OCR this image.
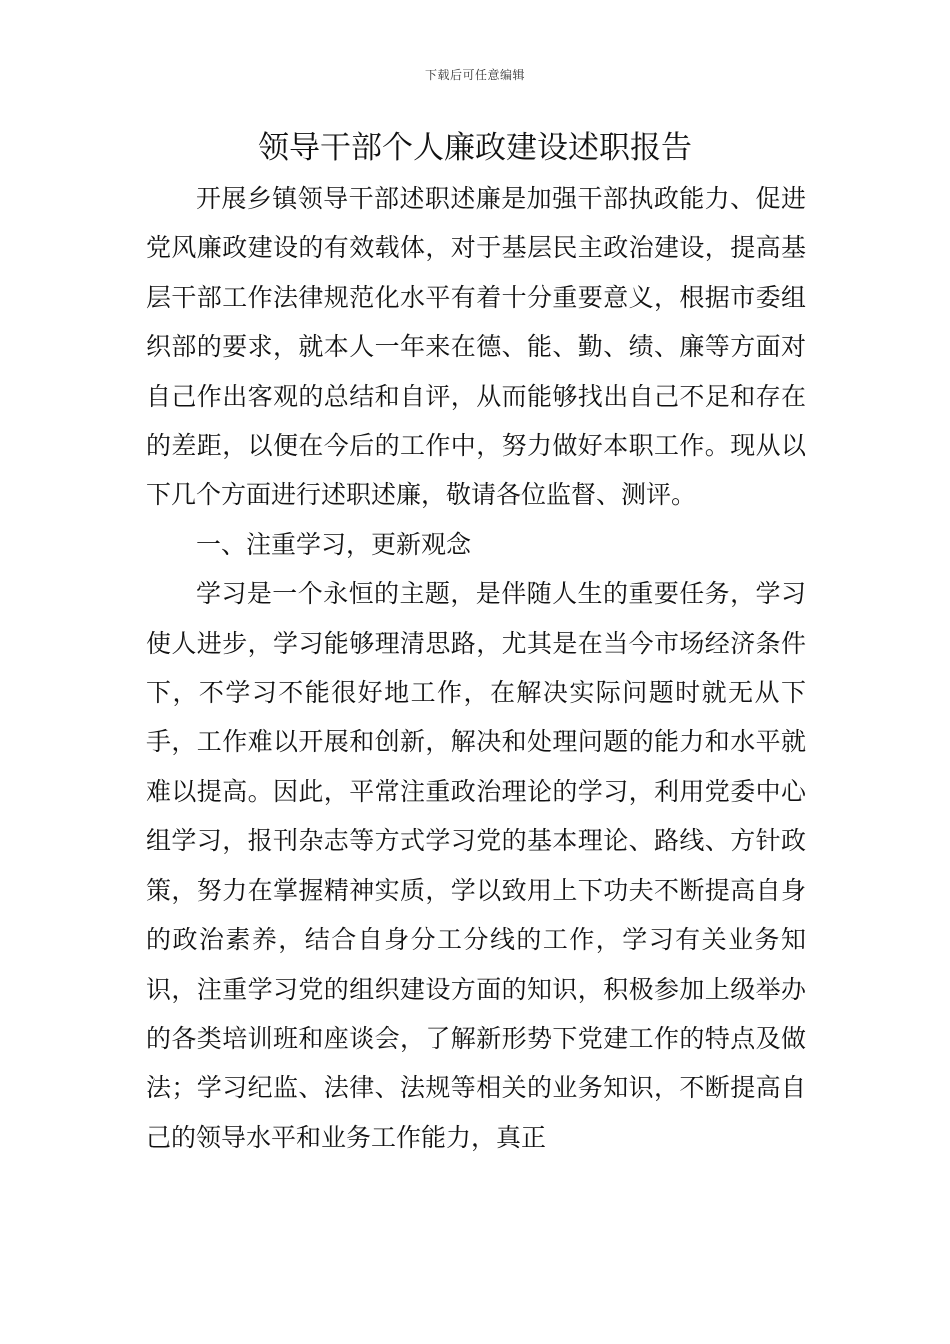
下载后可任意编辑
领导干部个人廉政建设述职报告

开展乡镇领导干部述职述廉是加强干部执政能力、促进党风廉政建设的有效载体，对于基层民主政治建设，提高基层干部工作法律规范化水平有着十分重要意义，根据市委组织部的要求，就本人一年来在德、能、勤、绩、廉等方面对自己作出客观的总结和自评，从而能够找出自己不足和存在的差距，以便在今后的工作中，努力做好本职工作。现从以下几个方面进行述职述廉，敬请各位监督、测评。

一、注重学习，更新观念

学习是一个永恒的主题，是伴随人生的重要任务，学习使人进步，学习能够理清思路，尤其是在当今市场经济条件下，不学习不能很好地工作，在解决实际问题时就无从下手，工作难以开展和创新，解决和处理问题的能力和水平就难以提高。因此，平常注重政治理论的学习，利用党委中心组学习，报刊杂志等方式学习党的基本理论、路线、方针政策，努力在掌握精神实质，学以致用上下功夫不断提高自身的政治素养，结合自身分工分线的工作，学习有关业务知识，注重学习党的组织建设方面的知识，积极参加上级举办的各类培训班和座谈会，了解新形势下党建工作的特点及做法；学习纪监、法律、法规等相关的业务知识，不断提高自己的领导水平和业务工作能力，真正
